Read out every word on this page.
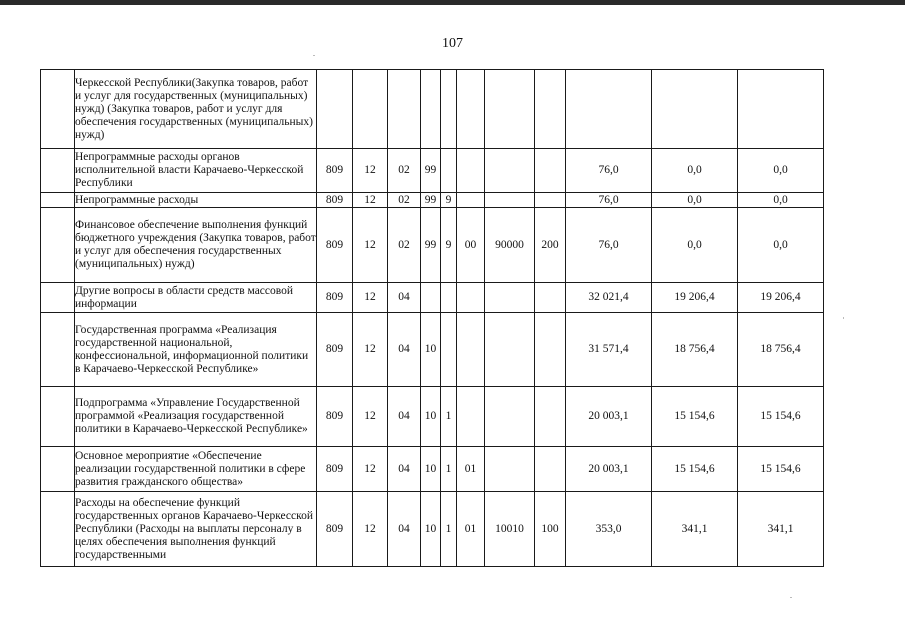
107
	Черкесской Республики(Закупка товаров, работ и услуг для государственных (муниципальных) нужд) (Закупка товаров, работ и услуг для обеспечения государственных (муниципальных) нужд)											
	Непрограммные расходы органов исполнительной власти Карачаево-Черкесской Республики	809	12	02	99					76,0	0,0	0,0
	Непрограммные расходы	809	12	02	99	9				76,0	0,0	0,0
	Финансовое обеспечение выполнения функций бюджетного учреждения (Закупка товаров, работ и услуг для обеспечения государственных (муниципальных) нужд)	809	12	02	99	9	00	90000	200	76,0	0,0	0,0
	Другие вопросы в области средств массовой информации	809	12	04						32 021,4	19 206,4	19 206,4
	Государственная программа «Реализация государственной национальной, конфессиональной, информационной политики в Карачаево-Черкесской Республике»	809	12	04	10					31 571,4	18 756,4	18 756,4
	Подпрограмма «Управление Государственной программой «Реализация государственной политики в Карачаево-Черкесской Республике»	809	12	04	10	1				20 003,1	15 154,6	15 154,6
	Основное мероприятие «Обеспечение реализации государственной политики в сфере развития гражданского общества»	809	12	04	10	1	01			20 003,1	15 154,6	15 154,6
	Расходы на обеспечение функций государственных органов Карачаево-Черкесской Республики (Расходы на выплаты персоналу в целях обеспечения выполнения функций государственными	809	12	04	10	1	01	10010	100	353,0	341,1	341,1
